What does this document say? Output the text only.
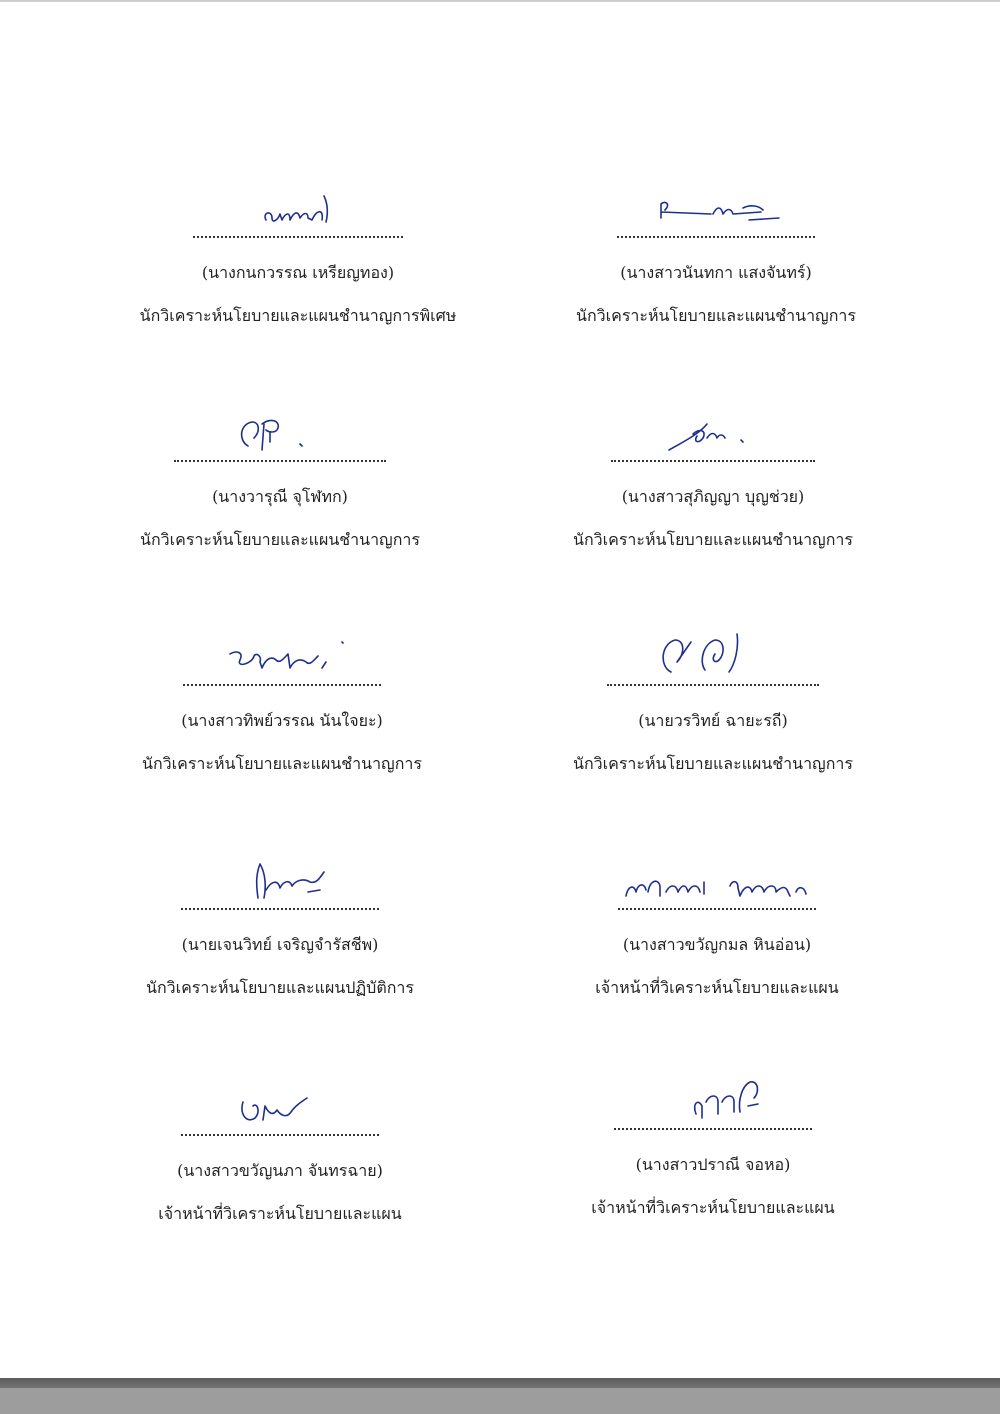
(นางกนกวรรณ เหรียญทอง)
นักวิเคราะห์นโยบายและแผนชำนาญการพิเศษ
(นางสาวนันทกา แสงจันทร์)
นักวิเคราะห์นโยบายและแผนชำนาญการ
(นางวารุณี จุโฬทก)
นักวิเคราะห์นโยบายและแผนชำนาญการ
(นางสาวสุภิญญา บุญช่วย)
นักวิเคราะห์นโยบายและแผนชำนาญการ
(นางสาวทิพย์วรรณ นันใจยะ)
นักวิเคราะห์นโยบายและแผนชำนาญการ
(นายวรวิทย์ ฉายะรถี)
นักวิเคราะห์นโยบายและแผนชำนาญการ
(นายเจนวิทย์ เจริญจำรัสชีพ)
นักวิเคราะห์นโยบายและแผนปฏิบัติการ
(นางสาวขวัญกมล หินอ่อน)
เจ้าหน้าที่วิเคราะห์นโยบายและแผน
(นางสาวขวัญนภา จันทรฉาย)
เจ้าหน้าที่วิเคราะห์นโยบายและแผน
(นางสาวปราณี จอหอ)
เจ้าหน้าที่วิเคราะห์นโยบายและแผน
